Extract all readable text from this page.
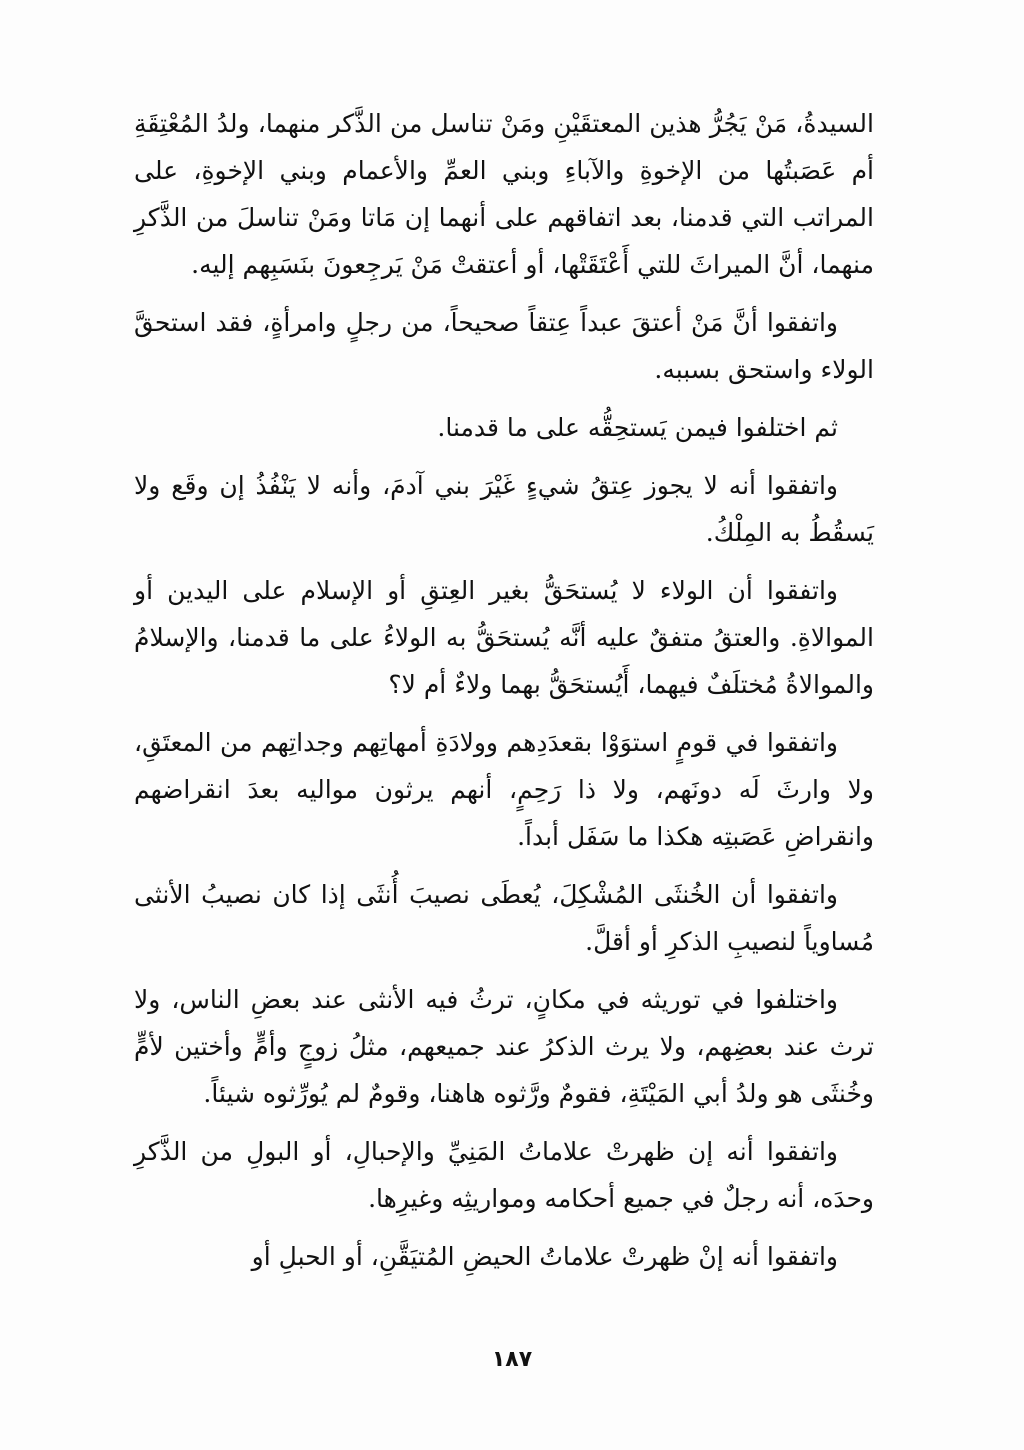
السيدةُ، مَنْ يَجُرُّ هذين المعتقَيْنِ ومَنْ تناسل من الذَّكر منهما، ولدُ المُعْتِقَةِ أم عَصَبتُها من الإخوةِ والآباءِ وبني العمِّ والأعمام وبني الإخوةِ، على المراتب التي قدمنا، بعد اتفاقهم على أنهما إن مَاتا ومَنْ تناسلَ من الذَّكرِ منهما، أنَّ الميراثَ للتي أَعْتَقَتْها، أو أعتقتْ مَنْ يَرجِعونَ بنَسَبِهم إليه.

واتفقوا أنَّ مَنْ أعتقَ عبداً عِتقاً صحيحاً، من رجلٍ وامرأةٍ، فقد استحقَّ الولاء واستحق بسببه.

ثم اختلفوا فيمن يَستحِقُّه على ما قدمنا.

واتفقوا أنه لا يجوز عِتقُ شيءٍ غَيْرَ بني آدمَ، وأنه لا يَنْفُذُ إن وقَع ولا يَسقُطُ به المِلْكُ.

واتفقوا أن الولاء لا يُستحَقُّ بغير العِتقِ أو الإسلام على اليدين أو الموالاةِ. والعتقُ متفقٌ عليه أنَّه يُستحَقُّ به الولاءُ على ما قدمنا، والإسلامُ والموالاةُ مُختلَفٌ فيهما، أَيُستحَقُّ بهما ولاءٌ أم لا؟

واتفقوا في قومٍ استوَوْا بقعدَدِهم وولادَةِ أمهاتِهم وجداتِهم من المعتَقِ، ولا وارثَ لَه دونَهم، ولا ذا رَحِمٍ، أنهم يرثون مواليه بعدَ انقراضهم وانقراضِ عَصَبتِه هكذا ما سَفَل أبداً.

واتفقوا أن الخُنثَى المُشْكِلَ، يُعطَى نصيبَ أُنثَى إذا كان نصيبُ الأنثى مُساوياً لنصيبِ الذكرِ أو أقلَّ.

واختلفوا في توريثه في مكانٍ، ترثُ فيه الأنثى عند بعضِ الناس، ولا ترث عند بعضِهم، ولا يرث الذكرُ عند جميعهم، مثلُ زوجٍ وأمٍّ وأختين لأمٍّ وخُنثَى هو ولدُ أبي المَيْتَةِ، فقومٌ ورَّثوه هاهنا، وقومٌ لم يُورِّثوه شيئاً.

واتفقوا أنه إن ظهرتْ علاماتُ المَنِيِّ والإحبالِ، أو البولِ من الذَّكرِ وحدَه، أنه رجلٌ في جميع أحكامه ومواريثِه وغيرِها.

واتفقوا أنه إنْ ظهرتْ علاماتُ الحيضِ المُتيَقَّنِ، أو الحبلِ أو

١٨٧
